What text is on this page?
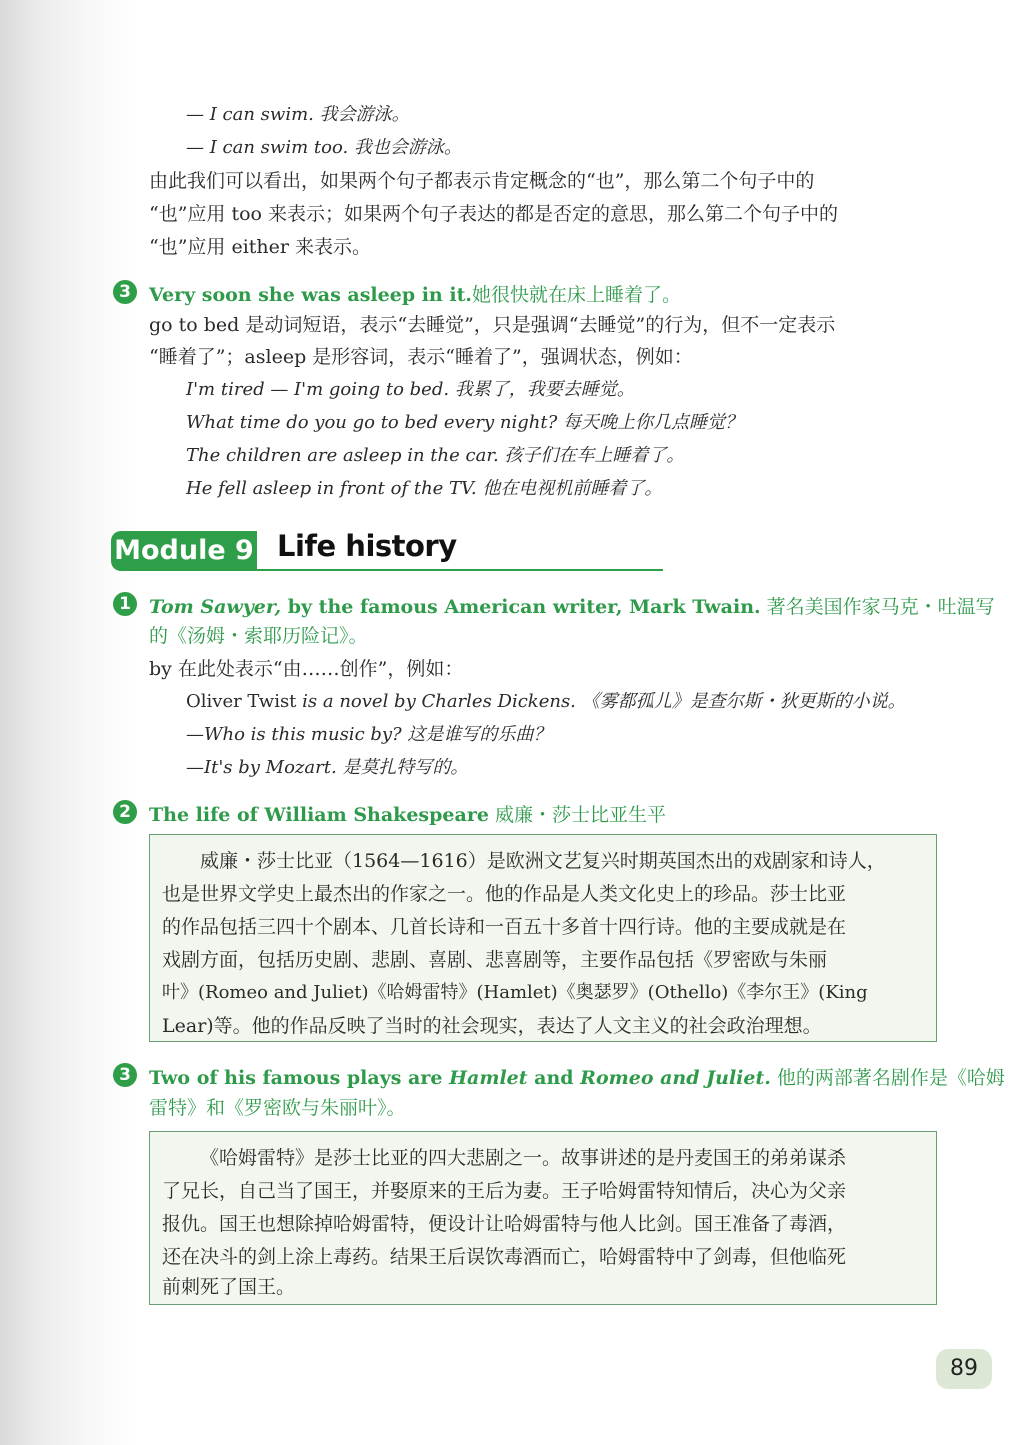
— I can swim. 我会游泳。
— I can swim too. 我也会游泳。
由此我们可以看出，如果两个句子都表示肯定概念的“也”，那么第二个句子中的
“也”应用 too 来表示；如果两个句子表达的都是否定的意思，那么第二个句子中的
“也”应用 either 来表示。
3 Very soon she was asleep in it.她很快就在床上睡着了。
go to bed 是动词短语，表示“去睡觉”，只是强调“去睡觉”的行为，但不一定表示
“睡着了”；asleep 是形容词，表示“睡着了”，强调状态，例如：
I'm tired — I'm going to bed. 我累了，我要去睡觉。
What time do you go to bed every night? 每天晚上你几点睡觉？
The children are asleep in the car. 孩子们在车上睡着了。
He fell asleep in front of the TV. 他在电视机前睡着了。
Module 9 Life history
1 Tom Sawyer, by the famous American writer, Mark Twain. 著名美国作家马克・吐温写
的《汤姆・索耶历险记》。
by 在此处表示“由……创作”，例如：
Oliver Twist is a novel by Charles Dickens. 《雾都孤儿》是查尔斯・狄更斯的小说。
—Who is this music by? 这是谁写的乐曲？
—It's by Mozart. 是莫扎特写的。
2 The life of William Shakespeare 威廉・莎士比亚生平
威廉・莎士比亚（1564—1616）是欧洲文艺复兴时期英国杰出的戏剧家和诗人，
也是世界文学史上最杰出的作家之一。他的作品是人类文化史上的珍品。莎士比亚
的作品包括三四十个剧本、几首长诗和一百五十多首十四行诗。他的主要成就是在
戏剧方面，包括历史剧、悲剧、喜剧、悲喜剧等，主要作品包括《罗密欧与朱丽
叶》(Romeo and Juliet)《哈姆雷特》(Hamlet)《奥瑟罗》(Othello)《李尔王》(King
Lear)等。他的作品反映了当时的社会现实，表达了人文主义的社会政治理想。
3 Two of his famous plays are Hamlet and Romeo and Juliet. 他的两部著名剧作是《哈姆
雷特》和《罗密欧与朱丽叶》。
《哈姆雷特》是莎士比亚的四大悲剧之一。故事讲述的是丹麦国王的弟弟谋杀
了兄长，自己当了国王，并娶原来的王后为妻。王子哈姆雷特知情后，决心为父亲
报仇。国王也想除掉哈姆雷特，便设计让哈姆雷特与他人比剑。国王准备了毒酒，
还在决斗的剑上涂上毒药。结果王后误饮毒酒而亡，哈姆雷特中了剑毒，但他临死
前刺死了国王。
89
